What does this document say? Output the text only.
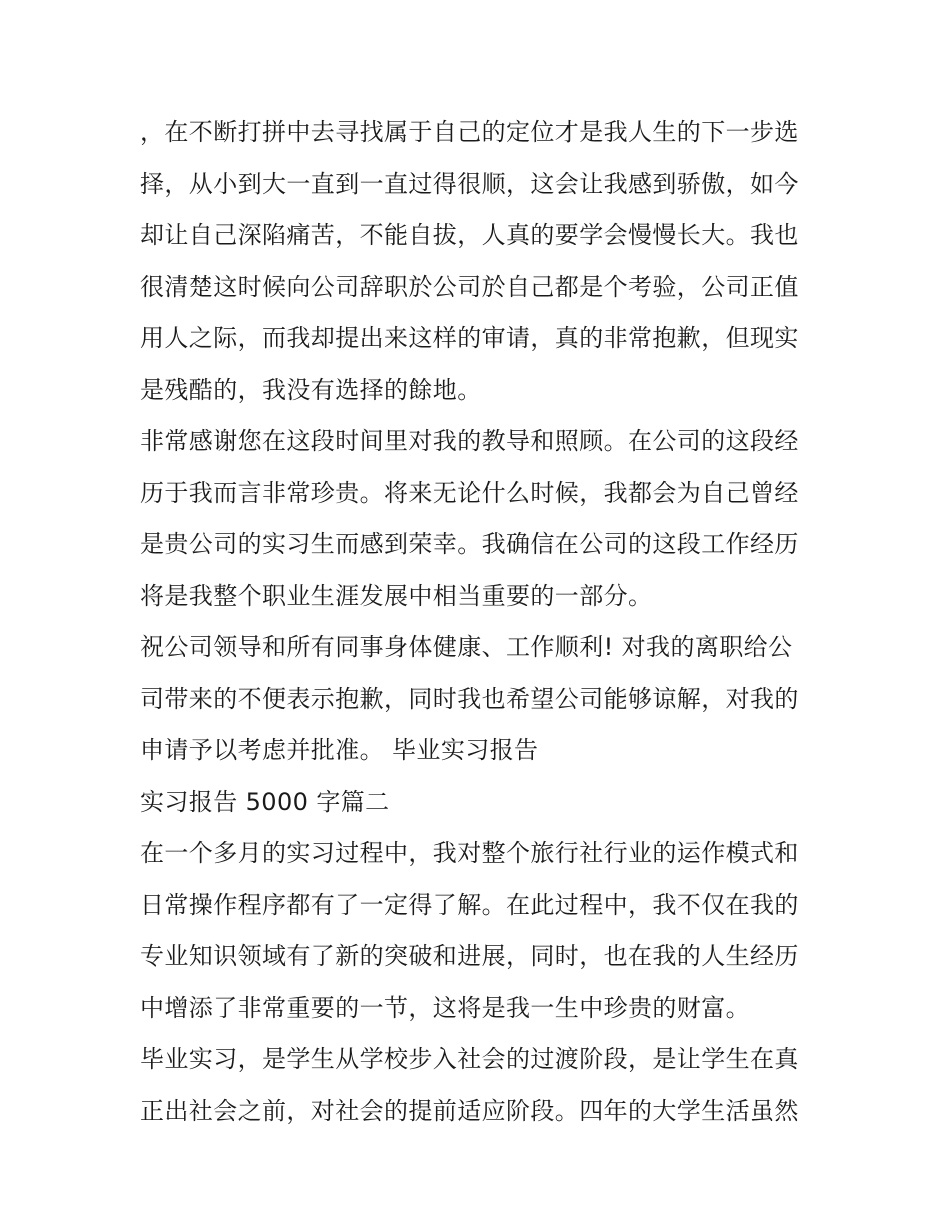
，在不断打拼中去寻找属于自己的定位才是我人生的下一步选
择，从小到大一直到一直过得很顺，这会让我感到骄傲，如今
却让自己深陷痛苦，不能自拔，人真的要学会慢慢长大。我也
很清楚这时候向公司辞职於公司於自己都是个考验，公司正值
用人之际，而我却提出来这样的审请，真的非常抱歉，但现实
是残酷的，我没有选择的餘地。
非常感谢您在这段时间里对我的教导和照顾。在公司的这段经
历于我而言非常珍贵。将来无论什么时候，我都会为自己曾经
是贵公司的实习生而感到荣幸。我确信在公司的这段工作经历
将是我整个职业生涯发展中相当重要的一部分。
祝公司领导和所有同事身体健康、工作顺利! 对我的离职给公
司带来的不便表示抱歉，同时我也希望公司能够谅解，对我的
申请予以考虑并批准。 毕业实习报告
实习报告 5000 字篇二
在一个多月的实习过程中，我对整个旅行社行业的运作模式和
日常操作程序都有了一定得了解。在此过程中，我不仅在我的
专业知识领域有了新的突破和进展，同时，也在我的人生经历
中增添了非常重要的一节，这将是我一生中珍贵的财富。
毕业实习，是学生从学校步入社会的过渡阶段，是让学生在真
正出社会之前，对社会的提前适应阶段。四年的大学生活虽然
